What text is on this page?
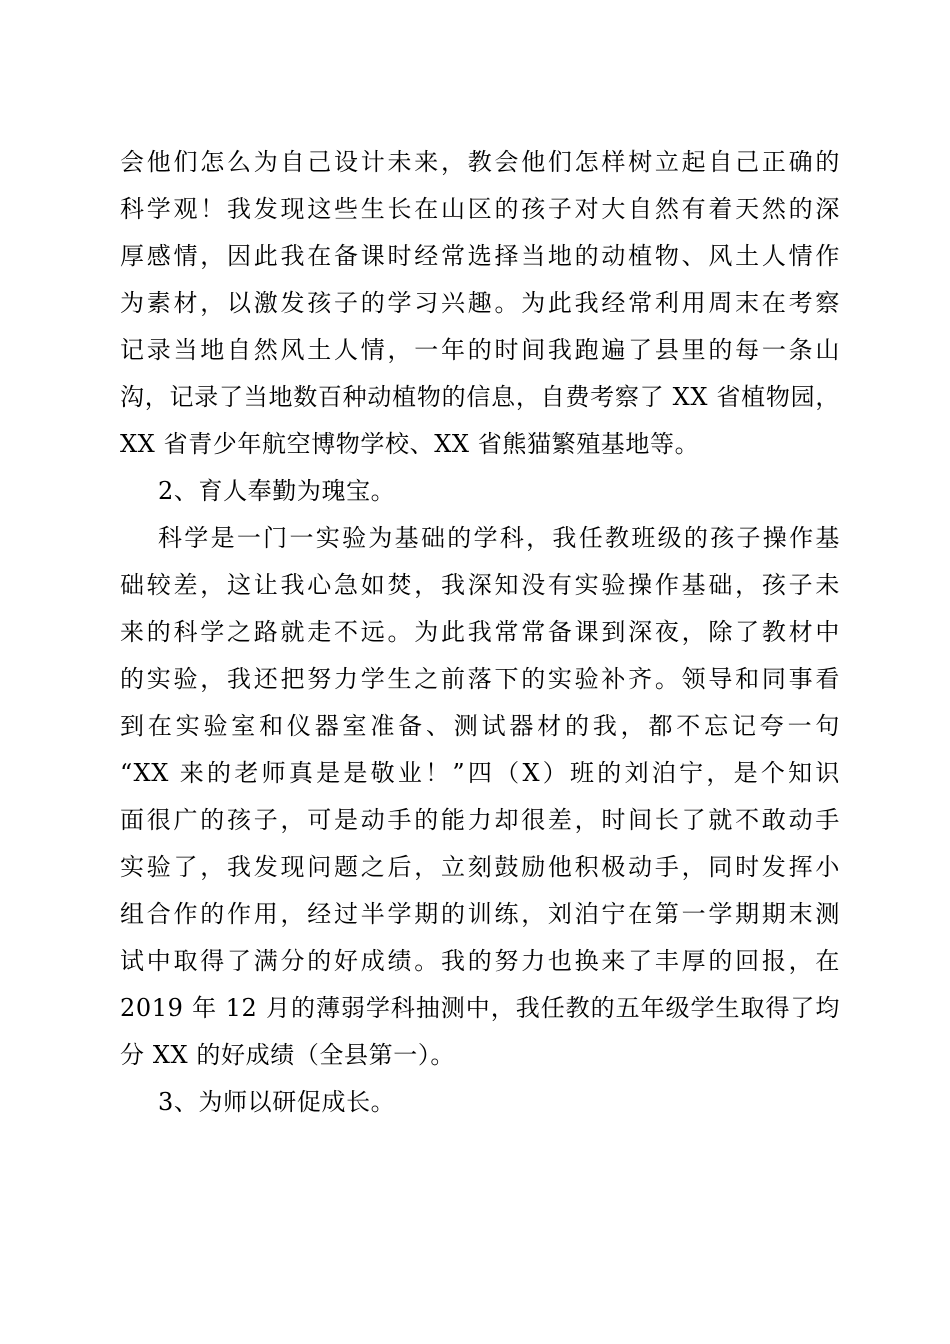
会他们怎么为自己设计未来，教会他们怎样树立起自己正确的
科学观！我发现这些生长在山区的孩子对大自然有着天然的深
厚感情，因此我在备课时经常选择当地的动植物、风土人情作
为素材，以激发孩子的学习兴趣。为此我经常利用周末在考察
记录当地自然风土人情，一年的时间我跑遍了县里的每一条山
沟，记录了当地数百种动植物的信息，自费考察了 XX 省植物园，
XX 省青少年航空博物学校、XX 省熊猫繁殖基地等。
2、育人奉勤为瑰宝。
科学是一门一实验为基础的学科，我任教班级的孩子操作基
础较差，这让我心急如焚，我深知没有实验操作基础，孩子未
来的科学之路就走不远。为此我常常备课到深夜，除了教材中
的实验，我还把努力学生之前落下的实验补齐。领导和同事看
到在实验室和仪器室准备、测试器材的我，都不忘记夸一句
“XX 来的老师真是是敬业！”四（X）班的刘泊宁，是个知识
面很广的孩子，可是动手的能力却很差，时间长了就不敢动手
实验了，我发现问题之后，立刻鼓励他积极动手，同时发挥小
组合作的作用，经过半学期的训练，刘泊宁在第一学期期末测
试中取得了满分的好成绩。我的努力也换来了丰厚的回报，在
2019 年 12 月的薄弱学科抽测中，我任教的五年级学生取得了均
分 XX 的好成绩（全县第一）。
3、为师以研促成长。
